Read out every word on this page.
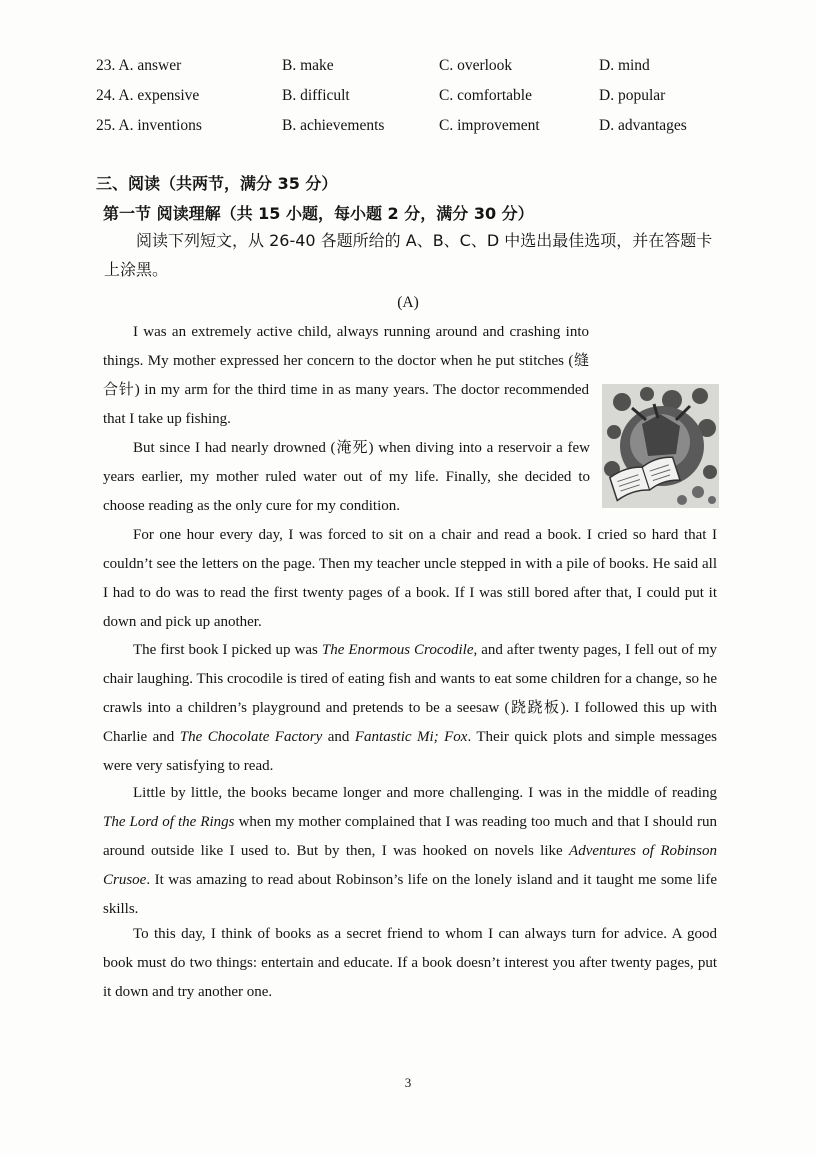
23. A. answer	B. make	C. overlook	D. mind
24. A. expensive	B. difficult	C. comfortable	D. popular
25. A. inventions	B. achievements	C. improvement	D. advantages
三、阅读（共两节，满分 35 分）
第一节 阅读理解（共 15 小题，每小题 2 分，满分 30 分）
阅读下列短文，从 26-40 各题所给的 A、B、C、D 中选出最佳选项，并在答题卡上涂黑。
(A)

I was an extremely active child, always running around and crashing into things. My mother expressed her concern to the doctor when he put stitches (缝合针) in my arm for the third time in as many years. The doctor recommended that I take up fishing.

But since I had nearly drowned (淹死) when diving into a reservoir a few years earlier, my mother ruled water out of my life. Finally, she decided to choose reading as the only cure for my condition.

For one hour every day, I was forced to sit on a chair and read a book. I cried so hard that I couldn’t see the letters on the page. Then my teacher uncle stepped in with a pile of books. He said all I had to do was to read the first twenty pages of a book. If I was still bored after that, I could put it down and pick up another.

The first book I picked up was The Enormous Crocodile, and after twenty pages, I fell out of my chair laughing. This crocodile is tired of eating fish and wants to eat some children for a change, so he crawls into a children’s playground and pretends to be a seesaw (跷跷板). I followed this up with Charlie and The Chocolate Factory and Fantastic Mi; Fox. Their quick plots and simple messages were very satisfying to read.

Little by little, the books became longer and more challenging. I was in the middle of reading The Lord of the Rings when my mother complained that I was reading too much and that I should run around outside like I used to. But by then, I was hooked on novels like Adventures of Robinson Crusoe. It was amazing to read about Robinson’s life on the lonely island and it taught me some life skills.

To this day, I think of books as a secret friend to whom I can always turn for advice. A good book must do two things: entertain and educate. If a book doesn’t interest you after twenty pages, put it down and try another one.

3
